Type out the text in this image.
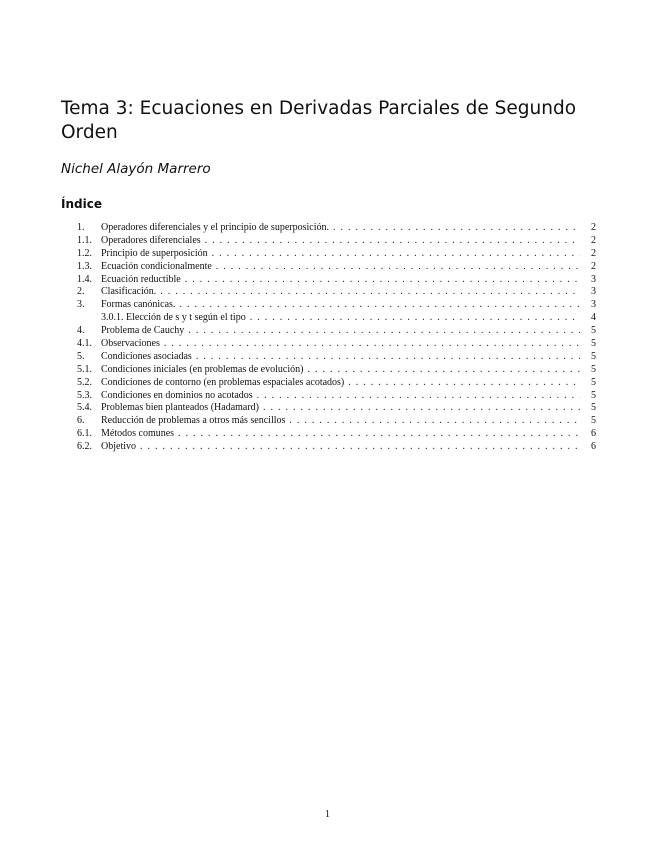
Tema 3: Ecuaciones en Derivadas Parciales de Segundo Orden
Nichel Alayón Marrero
Índice
1.	Operadores diferenciales y el principio de superposición. . . .	2
1.1. Operadores diferenciales . . .	2
1.2. Principio de superposición . . .	2
1.3. Ecuación condicionalmente . . .	2
1.4. Ecuación reductible . . .	3
2.	Clasificación. . . .	3
3.	Formas canónicas. . . .	3
3.0.1. Elección de s y t según el tipo . . .	4
4.	Problema de Cauchy . . .	5
4.1. Observaciones . . .	5
5.	Condiciones asociadas . . .	5
5.1. Condiciones iniciales (en problemas de evolución) . . .	5
5.2. Condiciones de contorno (en problemas espaciales acotados) . . .	5
5.3. Condiciones en dominios no acotados . . .	5
5.4. Problemas bien planteados (Hadamard) . . .	5
6.	Reducción de problemas a otros más sencillos . . .	5
6.1. Métodos comunes . . .	6
6.2. Objetivo . . .	6
1
